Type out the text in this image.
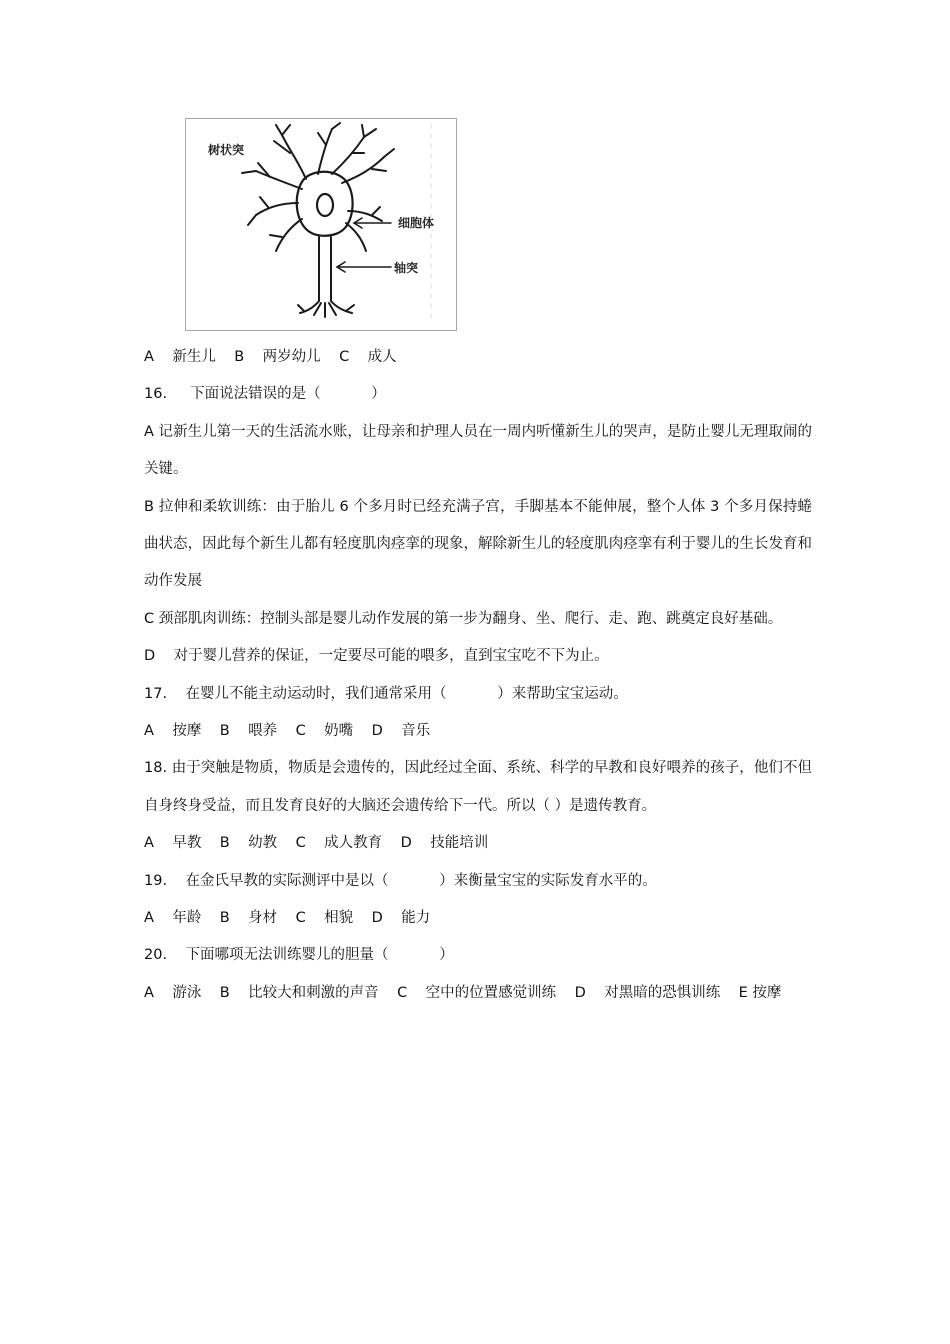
树状突
细胞体
轴突
A    新生儿    B    两岁幼儿    C    成人
16.     下面说法错误的是（           ）
A 记新生儿第一天的生活流水账，让母亲和护理人员在一周内听懂新生儿的哭声，是防止婴儿无理取闹的关键。
B 拉伸和柔软训练：由于胎儿 6 个多月时已经充满子宫，手脚基本不能伸展，整个人体 3 个多月保持蜷曲状态，因此每个新生儿都有轻度肌肉痉挛的现象，解除新生儿的轻度肌肉痉挛有利于婴儿的生长发育和动作发展
C 颈部肌肉训练：控制头部是婴儿动作发展的第一步为翻身、坐、爬行、走、跑、跳奠定良好基础。
D    对于婴儿营养的保证，一定要尽可能的喂多，直到宝宝吃不下为止。
17.    在婴儿不能主动运动时，我们通常采用（           ）来帮助宝宝运动。
A    按摩    B    喂养    C    奶嘴    D    音乐
18. 由于突触是物质，物质是会遗传的，因此经过全面、系统、科学的早教和良好喂养的孩子，他们不但自身终身受益，而且发育良好的大脑还会遗传给下一代。所以（ ）是遗传教育。
A    早教    B    幼教    C    成人教育    D    技能培训
19.    在金氏早教的实际测评中是以（           ）来衡量宝宝的实际发育水平的。
A    年龄    B    身材    C    相貌    D    能力
20.    下面哪项无法训练婴儿的胆量（           ）
A    游泳    B    比较大和刺激的声音    C    空中的位置感觉训练    D    对黑暗的恐惧训练    E 按摩
